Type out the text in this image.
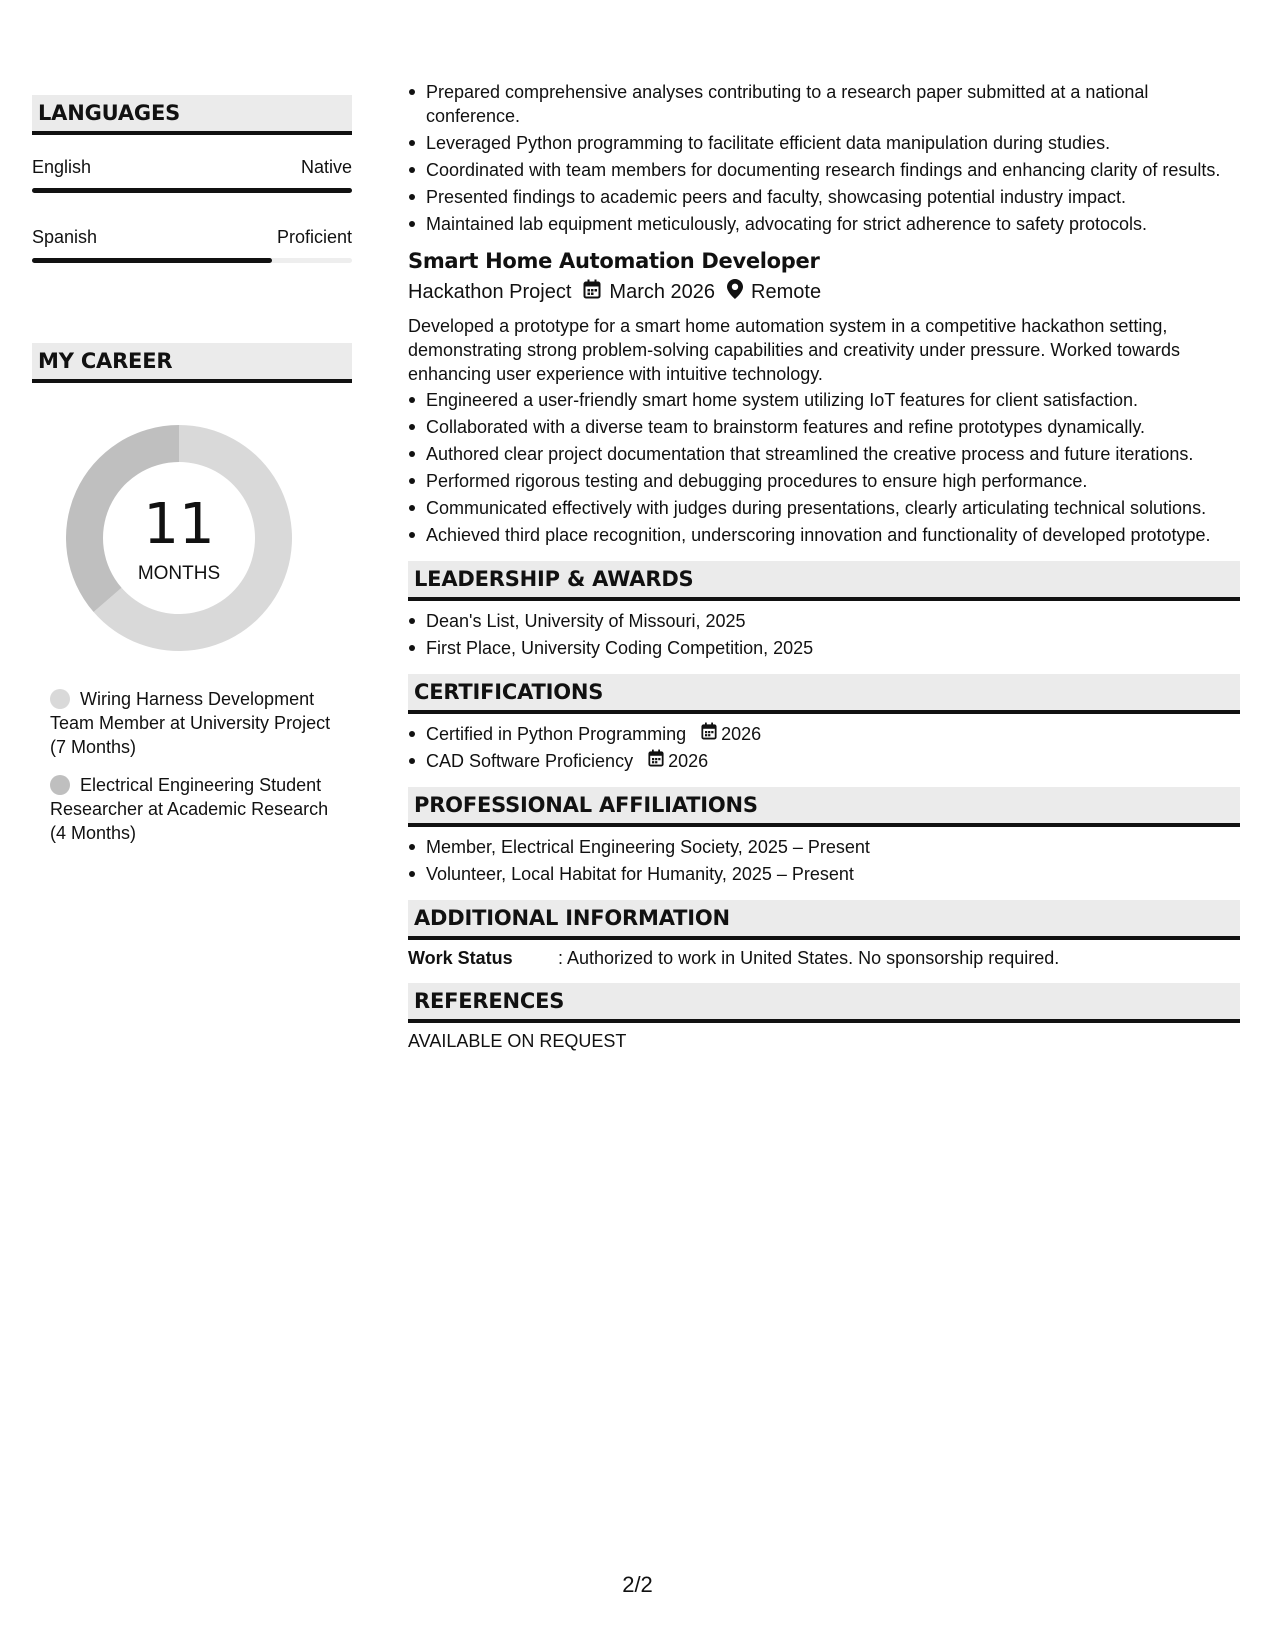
LANGUAGES
English	Native
Spanish	Proficient
MY CAREER
11
MONTHS
Wiring Harness Development Team Member at University Project (7 Months)
Electrical Engineering Student Researcher at Academic Research (4 Months)
Prepared comprehensive analyses contributing to a research paper submitted at a national conference.
Leveraged Python programming to facilitate efficient data manipulation during studies.
Coordinated with team members for documenting research findings and enhancing clarity of results.
Presented findings to academic peers and faculty, showcasing potential industry impact.
Maintained lab equipment meticulously, advocating for strict adherence to safety protocols.
Smart Home Automation Developer
Hackathon Project March 2026 Remote
Developed a prototype for a smart home automation system in a competitive hackathon setting, demonstrating strong problem-solving capabilities and creativity under pressure. Worked towards enhancing user experience with intuitive technology.
Engineered a user-friendly smart home system utilizing IoT features for client satisfaction.
Collaborated with a diverse team to brainstorm features and refine prototypes dynamically.
Authored clear project documentation that streamlined the creative process and future iterations.
Performed rigorous testing and debugging procedures to ensure high performance.
Communicated effectively with judges during presentations, clearly articulating technical solutions.
Achieved third place recognition, underscoring innovation and functionality of developed prototype.
LEADERSHIP & AWARDS
Dean's List, University of Missouri, 2025
First Place, University Coding Competition, 2025
CERTIFICATIONS
Certified in Python Programming 2026
CAD Software Proficiency 2026
PROFESSIONAL AFFILIATIONS
Member, Electrical Engineering Society, 2025 – Present
Volunteer, Local Habitat for Humanity, 2025 – Present
ADDITIONAL INFORMATION
Work Status	: Authorized to work in United States. No sponsorship required.
REFERENCES
AVAILABLE ON REQUEST
2/2
